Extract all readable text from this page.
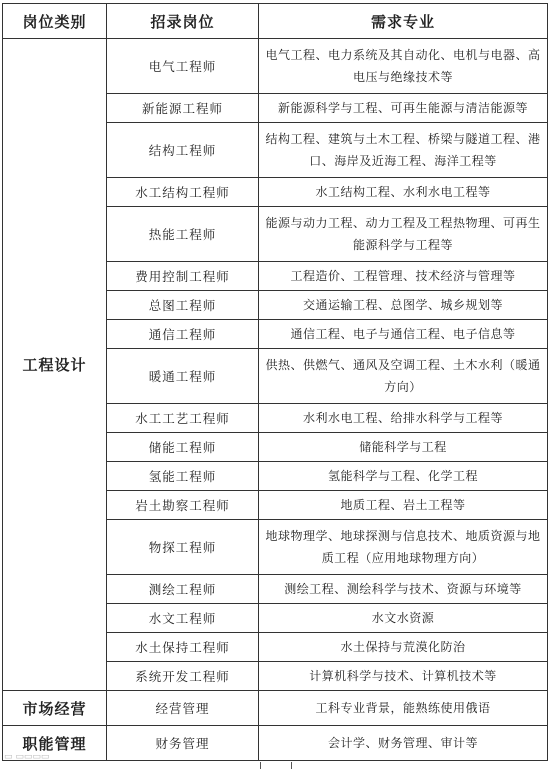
岗位类别	招录岗位	需求专业
工程设计	电气工程师	电气工程、电力系统及其自动化、电机与电器、高电压与绝缘技术等
	新能源工程师	新能源科学与工程、可再生能源与清洁能源等
	结构工程师	结构工程、建筑与土木工程、桥梁与隧道工程、港口、海岸及近海工程、海洋工程等
	水工结构工程师	水工结构工程、水利水电工程等
	热能工程师	能源与动力工程、动力工程及工程热物理、可再生能源科学与工程等
	费用控制工程师	工程造价、工程管理、技术经济与管理等
	总图工程师	交通运输工程、总图学、城乡规划等
	通信工程师	通信工程、电子与通信工程、电子信息等
	暖通工程师	供热、供燃气、通风及空调工程、土木水利（暖通方向）
	水工工艺工程师	水利水电工程、给排水科学与工程等
	储能工程师	储能科学与工程
	氢能工程师	氢能科学与工程、化学工程
	岩土勘察工程师	地质工程、岩土工程等
	物探工程师	地球物理学、地球探测与信息技术、地质资源与地质工程（应用地球物理方向）
	测绘工程师	测绘工程、测绘科学与技术、资源与环境等
	水文工程师	水文水资源
	水土保持工程师	水土保持与荒漠化防治
	系统开发工程师	计算机科学与技术、计算机技术等
市场经营	经营管理	工科专业背景，能熟练使用俄语
职能管理	财务管理	会计学、财务管理、审计等
▭ ▭▭▭▭
